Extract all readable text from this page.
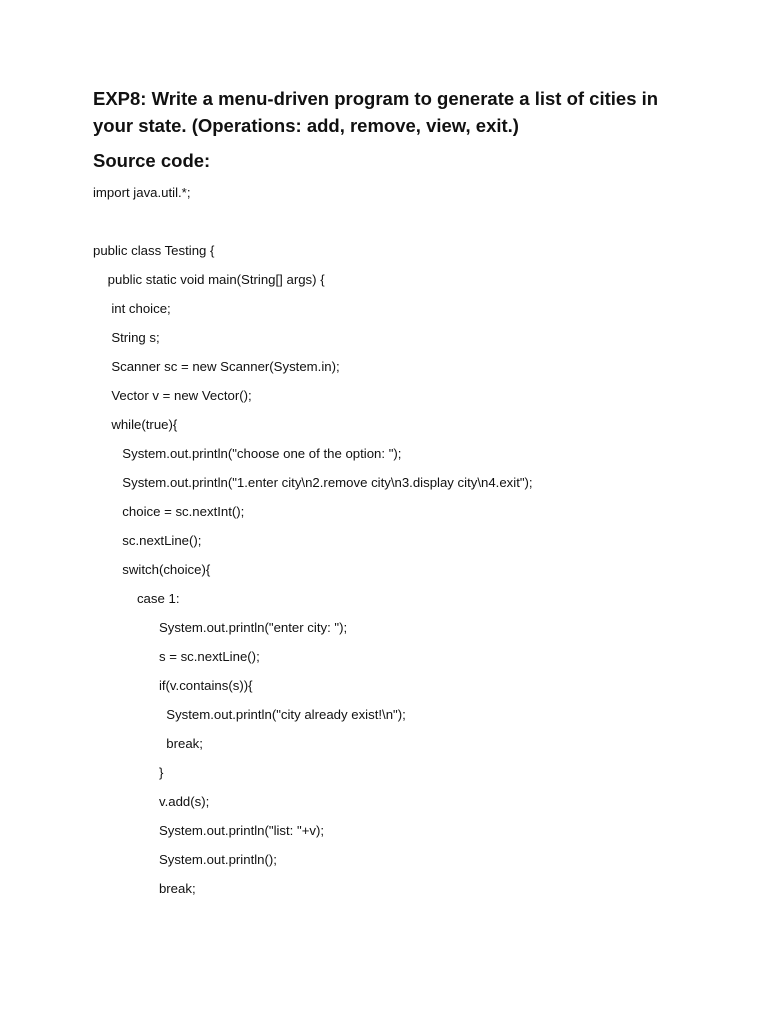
EXP8: Write a menu-driven program to generate a list of cities in your state. (Operations: add, remove, view, exit.)
Source code:
import java.util.*;
public class Testing {
public static void main(String[] args) {
int choice;
String s;
Scanner sc = new Scanner(System.in);
Vector v = new Vector();
while(true){
System.out.println("choose one of the option: ");
System.out.println("1.enter city\n2.remove city\n3.display city\n4.exit");
choice = sc.nextInt();
sc.nextLine();
switch(choice){
case 1:
System.out.println("enter city: ");
s = sc.nextLine();
if(v.contains(s)){
System.out.println("city already exist!\n");
break;
}
v.add(s);
System.out.println("list: "+v);
System.out.println();
break;
